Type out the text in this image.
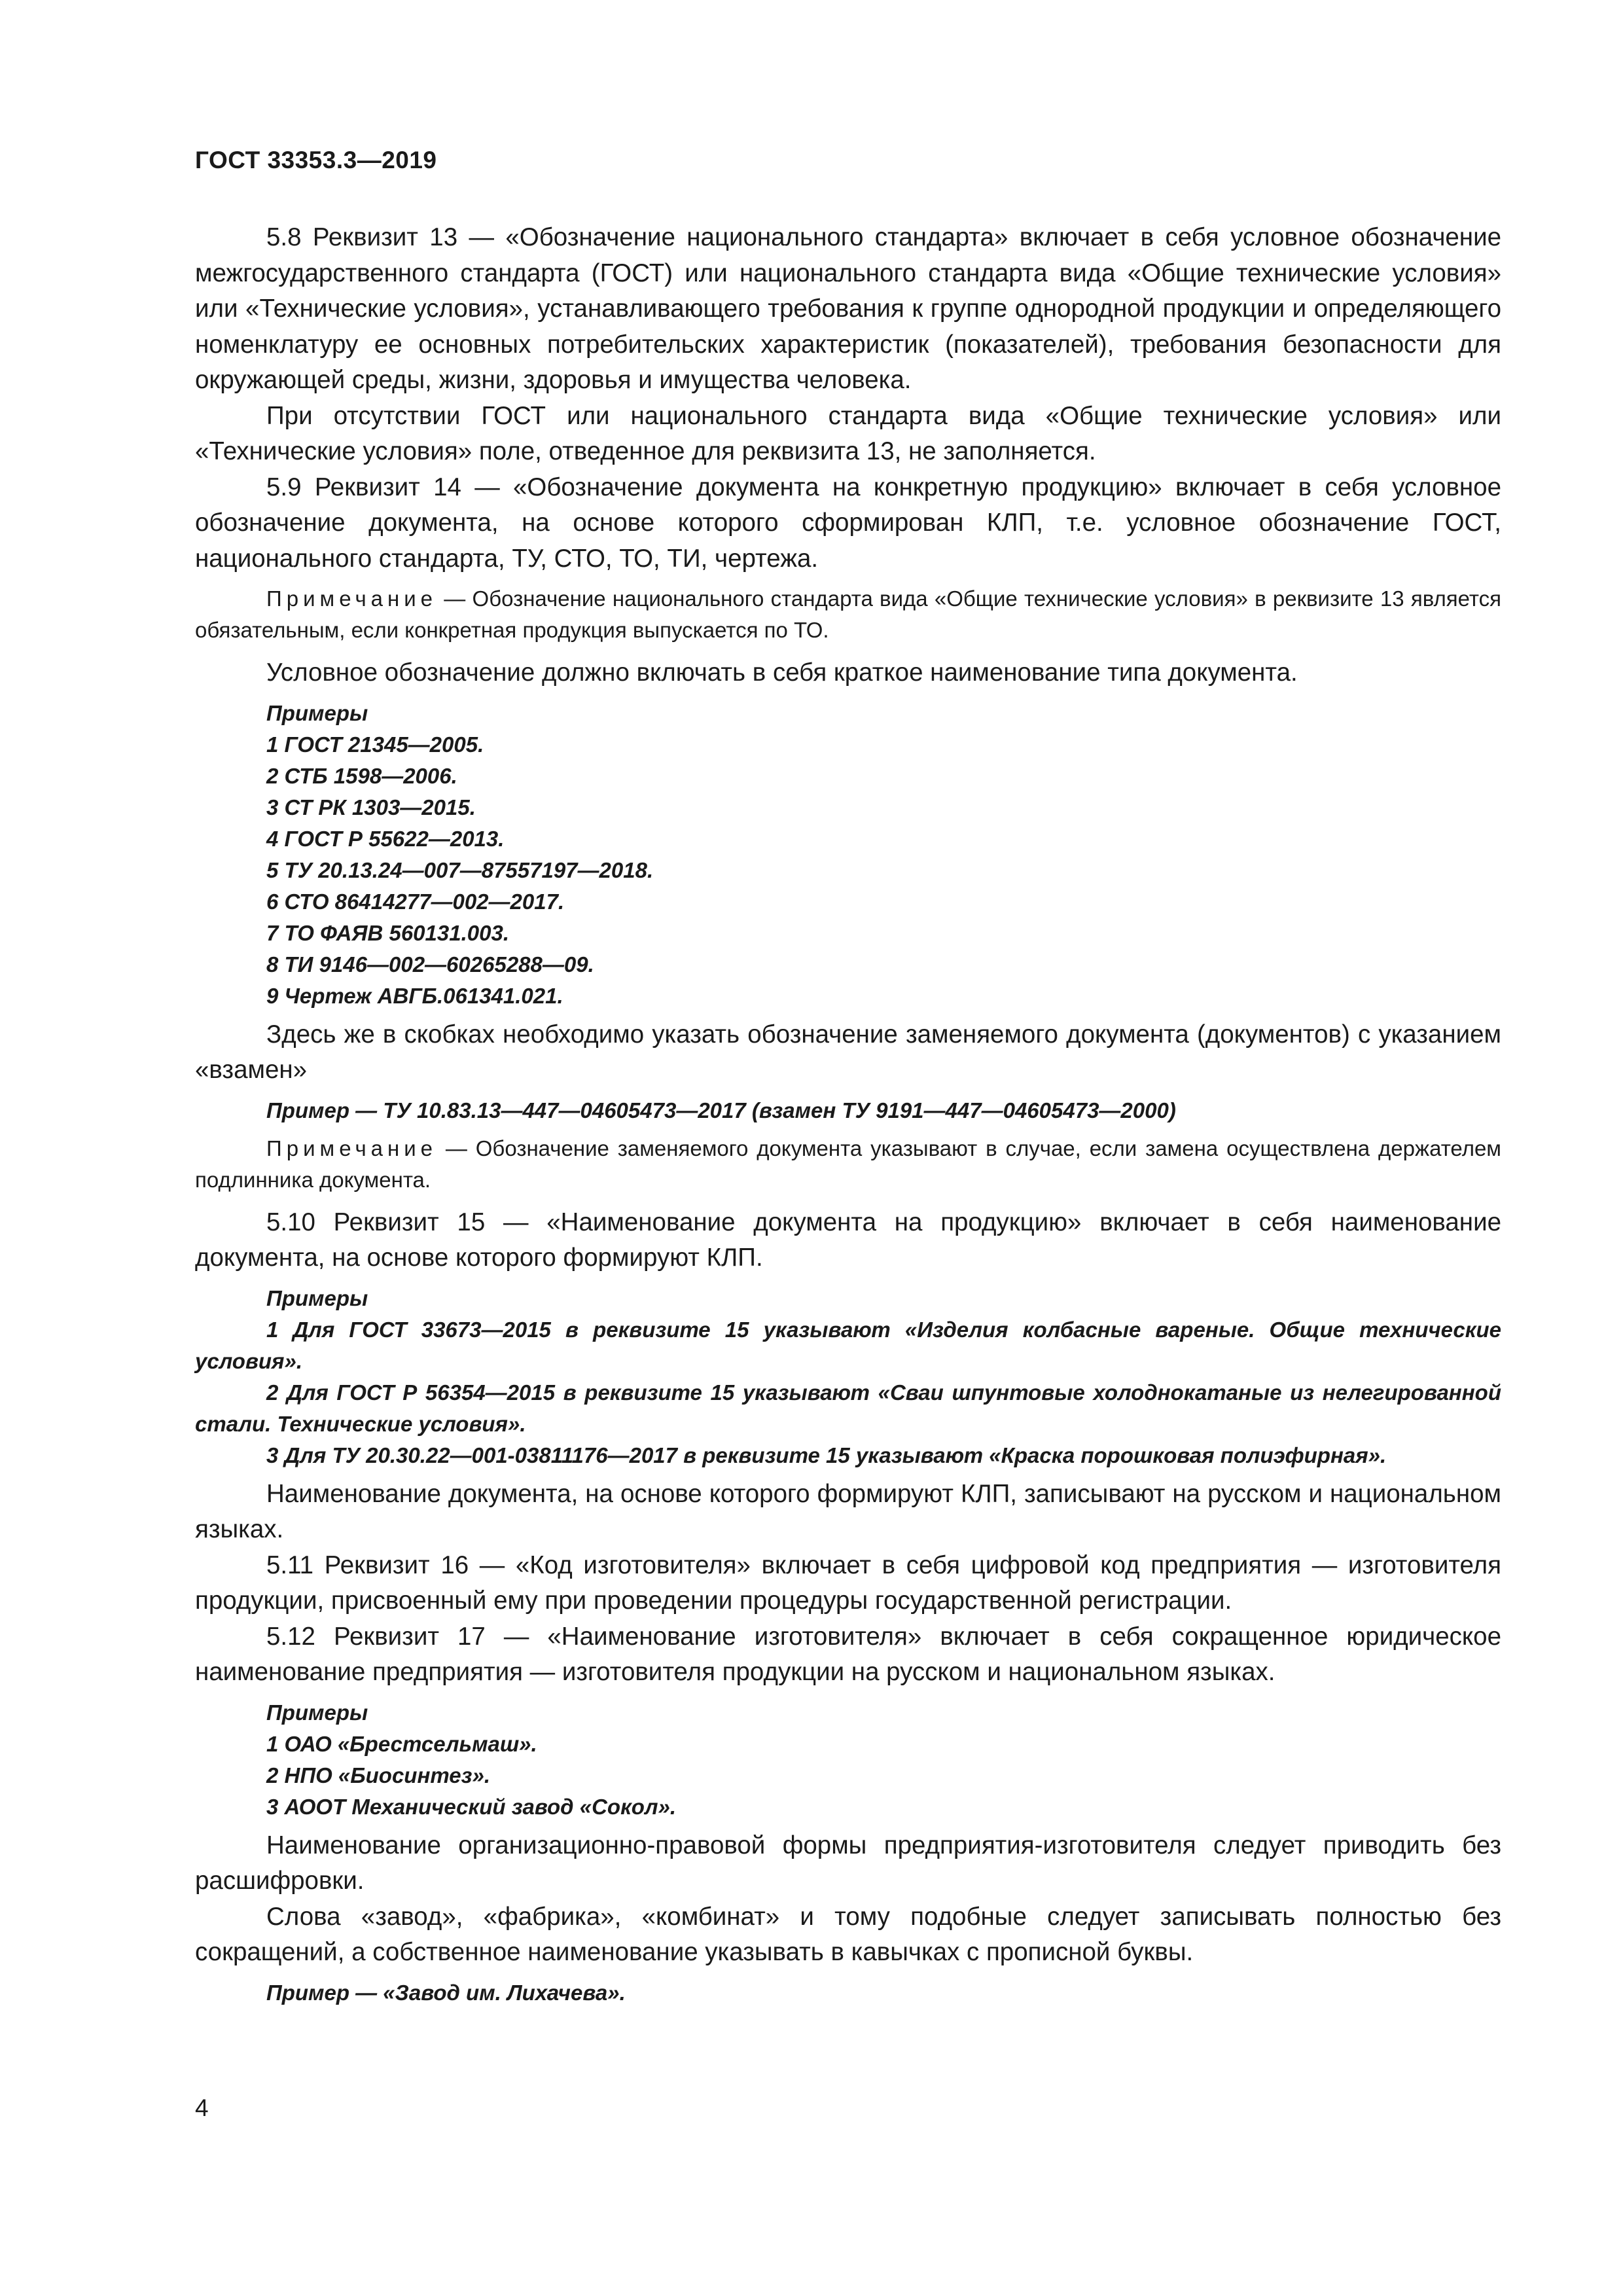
ГОСТ 33353.3—2019

5.8 Реквизит 13 — «Обозначение национального стандарта» включает в себя условное обозначение межгосударственного стандарта (ГОСТ) или национального стандарта вида «Общие технические условия» или «Технические условия», устанавливающего требования к группе однородной продукции и определяющего номенклатуру ее основных потребительских характеристик (показателей), требования безопасности для окружающей среды, жизни, здоровья и имущества человека.

При отсутствии ГОСТ или национального стандарта вида «Общие технические условия» или «Технические условия» поле, отведенное для реквизита 13, не заполняется.

5.9 Реквизит 14 — «Обозначение документа на конкретную продукцию» включает в себя условное обозначение документа, на основе которого сформирован КЛП, т.е. условное обозначение ГОСТ, национального стандарта, ТУ, СТО, ТО, ТИ, чертежа.

Примечание — Обозначение национального стандарта вида «Общие технические условия» в реквизите 13 является обязательным, если конкретная продукция выпускается по ТО.

Условное обозначение должно включать в себя краткое наименование типа документа.

Примеры

1 ГОСТ 21345—2005.

2 СТБ 1598—2006.

3 СТ РК 1303—2015.

4 ГОСТ Р 55622—2013.

5 ТУ 20.13.24—007—87557197—2018.

6 СТО 86414277—002—2017.

7 ТО ФАЯВ 560131.003.

8 ТИ 9146—002—60265288—09.

9 Чертеж АВГБ.061341.021.

Здесь же в скобках необходимо указать обозначение заменяемого документа (документов) с указанием «взамен»

Пример — ТУ 10.83.13—447—04605473—2017 (взамен ТУ 9191—447—04605473—2000)

Примечание — Обозначение заменяемого документа указывают в случае, если замена осуществлена держателем подлинника документа.

5.10 Реквизит 15 — «Наименование документа на продукцию» включает в себя наименование документа, на основе которого формируют КЛП.

Примеры

1 Для ГОСТ 33673—2015 в реквизите 15 указывают «Изделия колбасные вареные. Общие технические условия».

2 Для ГОСТ Р 56354—2015 в реквизите 15 указывают «Сваи шпунтовые холоднокатаные из нелегированной стали. Технические условия».

3 Для ТУ 20.30.22—001-03811176—2017 в реквизите 15 указывают «Краска порошковая полиэфирная».

Наименование документа, на основе которого формируют КЛП, записывают на русском и национальном языках.

5.11 Реквизит 16 — «Код изготовителя» включает в себя цифровой код предприятия — изготовителя продукции, присвоенный ему при проведении процедуры государственной регистрации.

5.12 Реквизит 17 — «Наименование изготовителя» включает в себя сокращенное юридическое наименование предприятия — изготовителя продукции на русском и национальном языках.

Примеры

1 ОАО «Брестсельмаш».

2 НПО «Биосинтез».

3 АООТ Механический завод «Сокол».

Наименование организационно-правовой формы предприятия-изготовителя следует приводить без расшифровки.

Слова «завод», «фабрика», «комбинат» и тому подобные следует записывать полностью без сокращений, а собственное наименование указывать в кавычках с прописной буквы.

Пример — «Завод им. Лихачева».

4
